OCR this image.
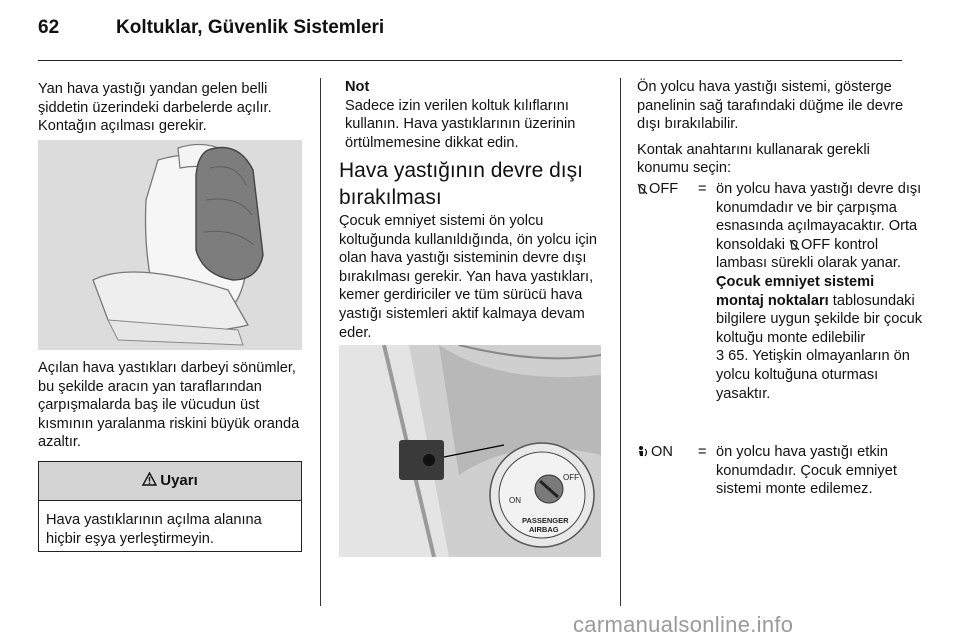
62	Koltuklar, Güvenlik Sistemleri

Yan hava yastığı yandan gelen belli şiddetin üzerindeki darbelerde açılır. Kontağın açılması gerekir.

Açılan hava yastıkları darbeyi sönümler, bu şekilde aracın yan taraflarından çarpışmalarda baş ile vücudun üst kısmının yaralanma riskini büyük oranda azaltır.

Uyarı
Hava yastıklarının açılma alanına hiçbir eşya yerleştirmeyin.

Not

Sadece izin verilen koltuk kılıflarını kullanın. Hava yastıklarının üzerinin örtülmemesine dikkat edin.

Hava yastığının devre dışı bırakılması

Çocuk emniyet sistemi ön yolcu koltuğunda kullanıldığında, ön yolcu için olan hava yastığı sisteminin devre dışı bırakılması gerekir. Yan hava yastıkları, kemer gerdiriciler ve tüm sürücü hava yastığı sistemleri aktif kalmaya devam eder.

ON
OFF
PASSENGER
AIRBAG

Ön yolcu hava yastığı sistemi, gösterge panelinin sağ tarafındaki düğme ile devre dışı bırakılabilir.

Kontak anahtarını kullanarak gerekli konumu seçin:

OFF	= ön yolcu hava yastığı devre dışı konumdadır ve bir çarpışma esnasında açılmayacaktır. Orta konsoldaki OFF kontrol lambası sürekli olarak yanar. Çocuk emniyet sistemi montaj noktaları tablosundaki bilgilere uygun şekilde bir çocuk koltuğu monte edilebilir
3 65. Yetişkin olmayanların ön yolcu koltuğuna oturması yasaktır.
ON	= ön yolcu hava yastığı etkin konumdadır. Çocuk emniyet sistemi monte edilemez.
carmanualsonline.info
